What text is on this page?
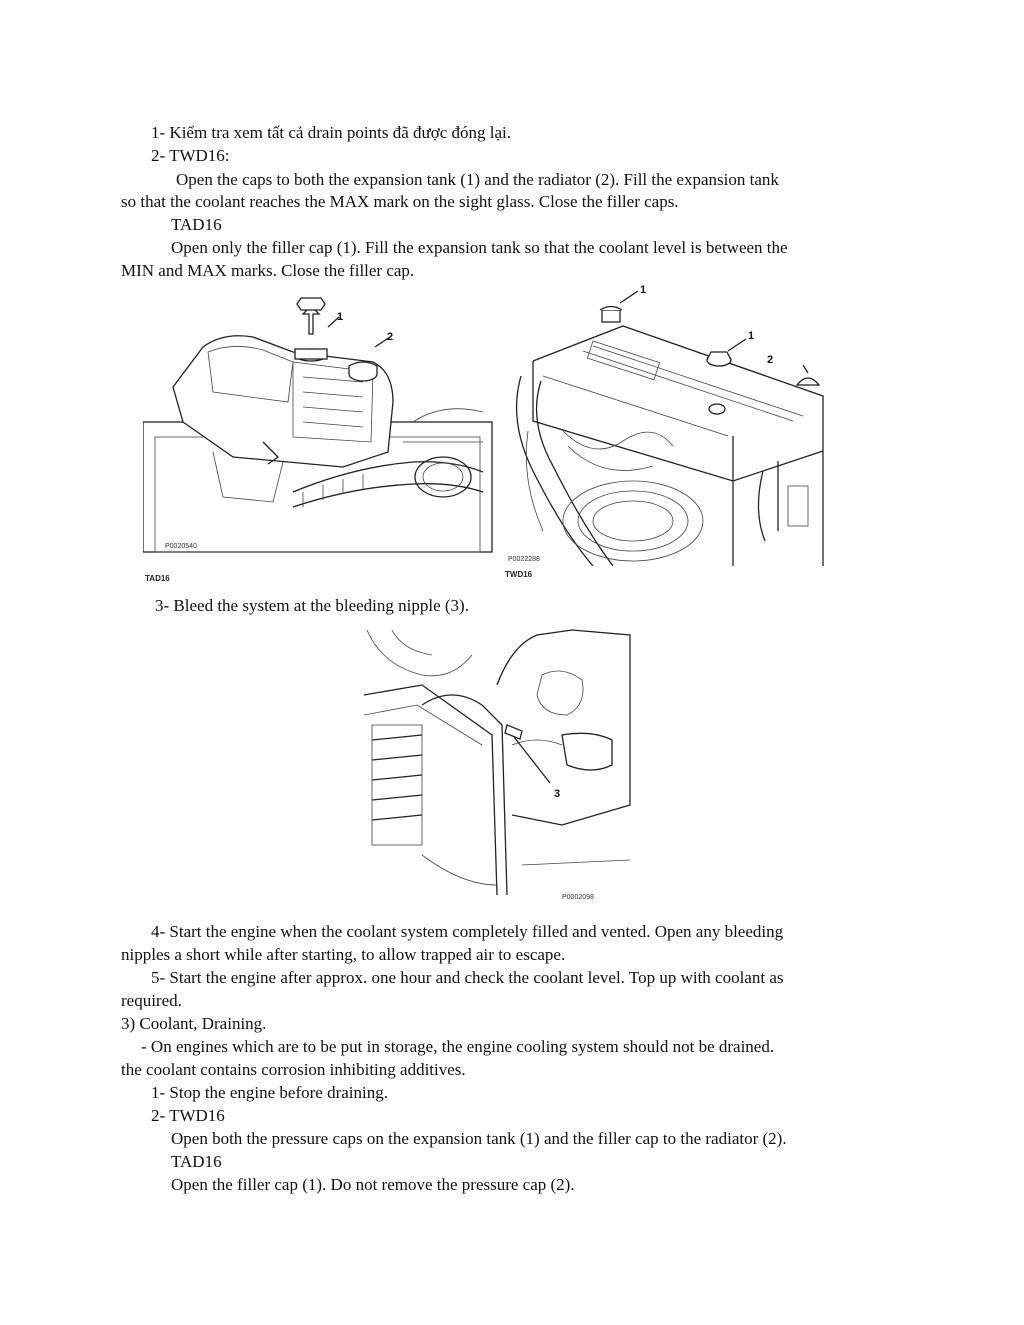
1- Kiểm tra xem tất cả drain points đã được đóng lại.
2- TWD16:
Open the caps to both the expansion tank (1) and the radiator (2). Fill the expansion tank
so that the coolant reaches the MAX mark on the sight glass. Close the filler caps.
TAD16
Open only the filler cap (1). Fill the expansion tank so that the coolant level is between the
MIN and MAX marks. Close the filler cap.
1
2
P0020540
TAD16
1
1
2
P0022288
TWD16
3- Bleed the system at the bleeding nipple (3).
3
P0002098
4- Start the engine when the coolant system completely filled and vented. Open any bleeding
nipples a short while after starting, to allow trapped air to escape.
5- Start the engine after approx. one hour and check the coolant level. Top up with coolant as
required.
3) Coolant, Draining.
- On engines which are to be put in storage, the engine cooling system should not be drained.
the coolant contains corrosion inhibiting additives.
1- Stop the engine before draining.
2- TWD16
Open both the pressure caps on the expansion tank (1) and the filler cap to the radiator (2).
TAD16
Open the filler cap (1). Do not remove the pressure cap (2).
